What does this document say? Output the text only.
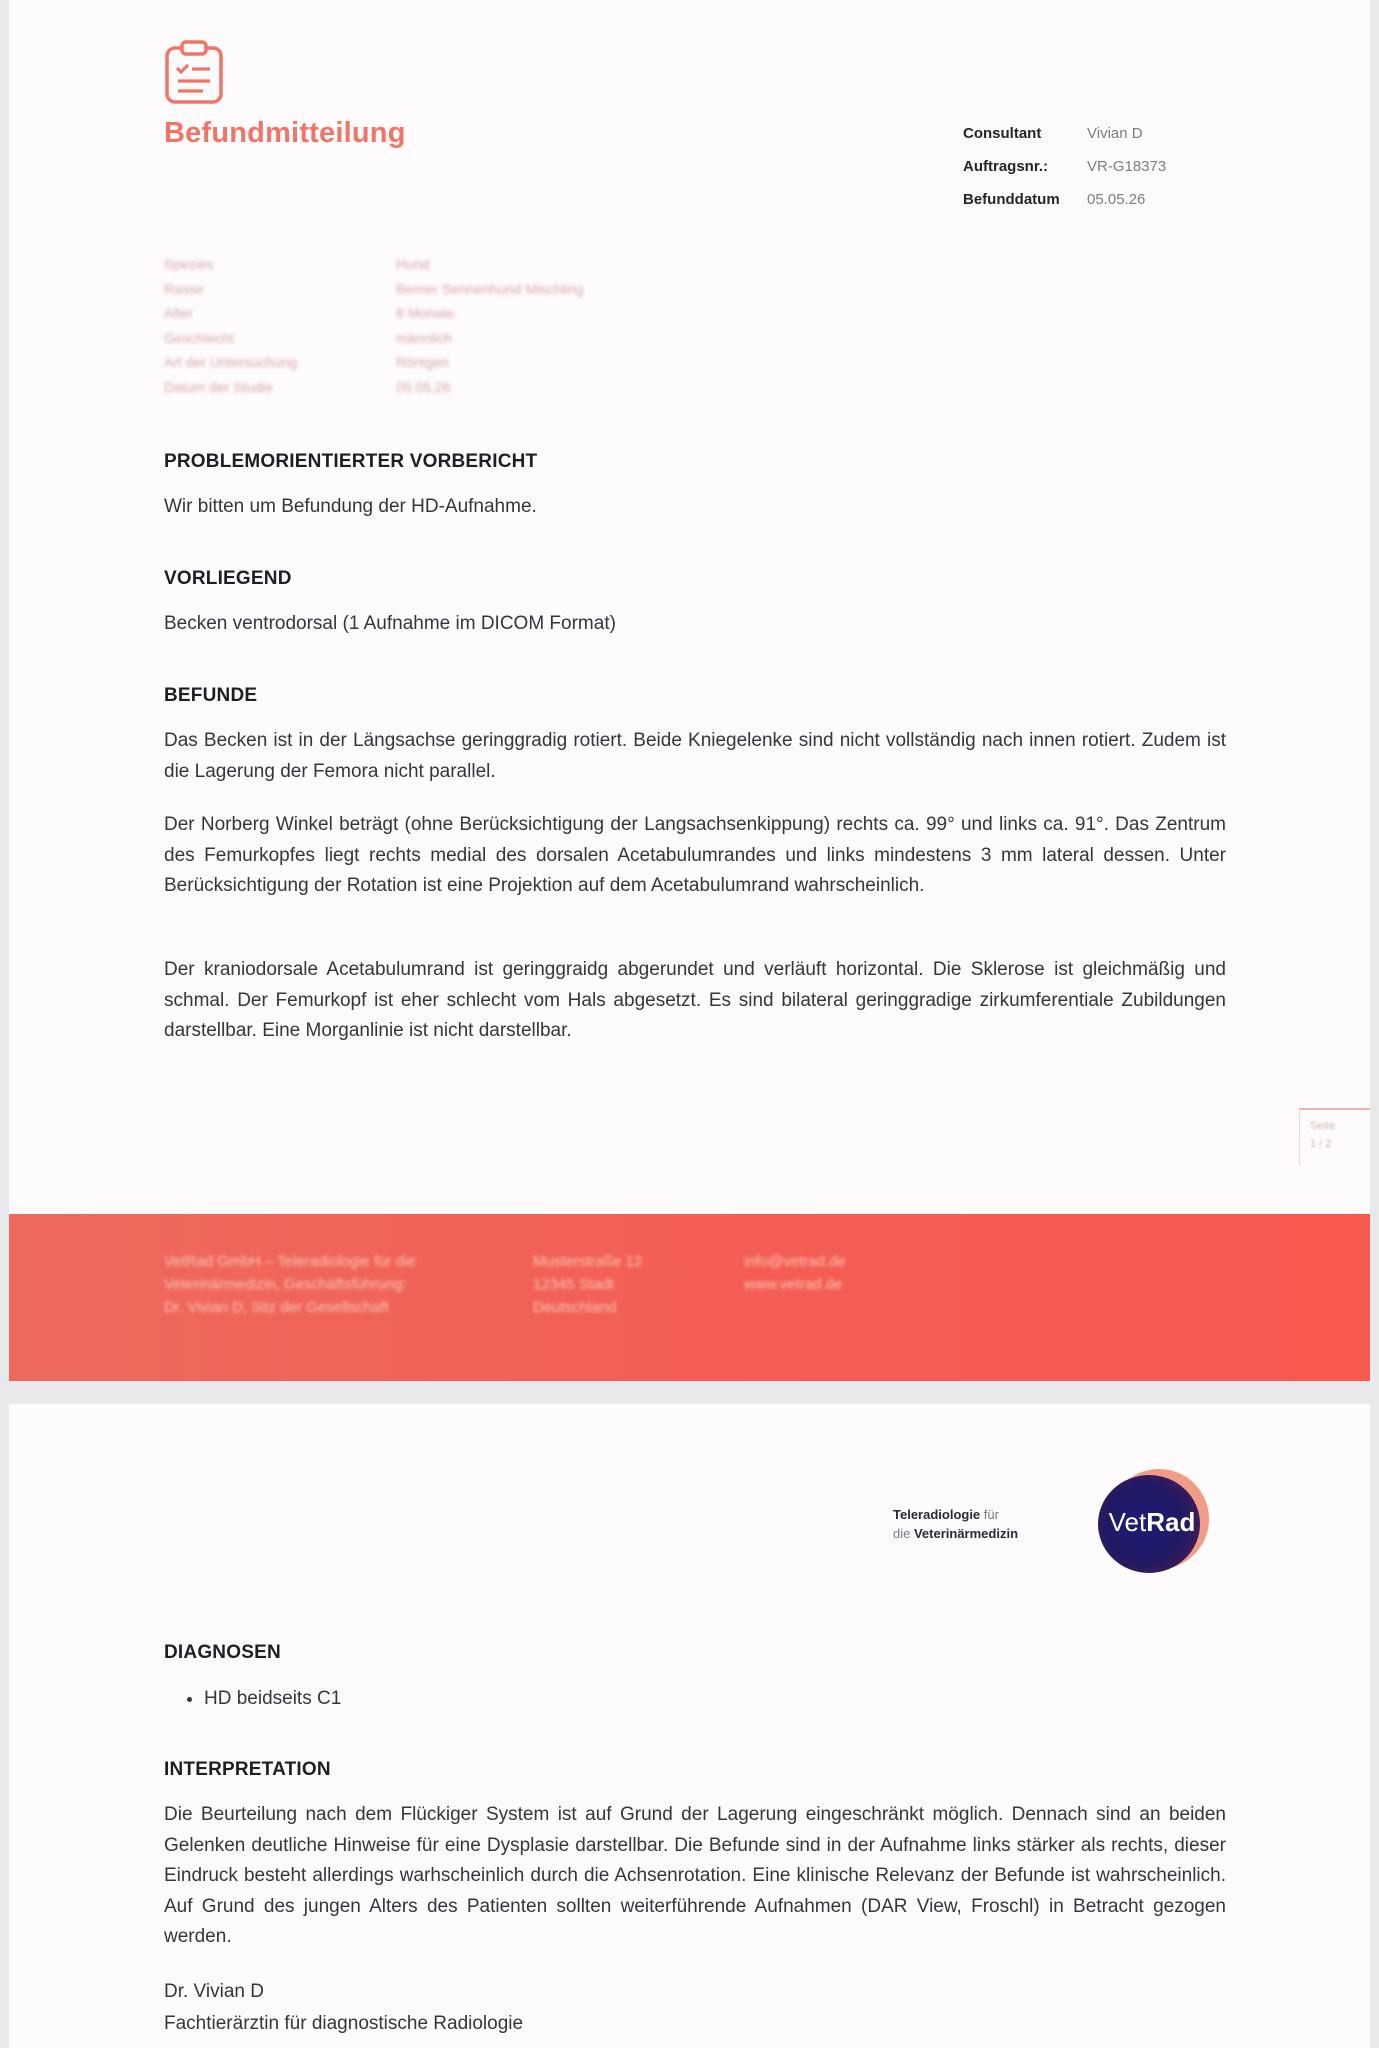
Befundmitteilung	Consultant	Vivian D
Auftragsnr.:	VR-G18373
Befunddatum	05.05.26
Spezies	Hund
Rasse	Berner Sennenhund Mischling
Alter	8 Monate
Geschlecht	männlich
Art der Untersuchung	Röntgen
Datum der Studie	05.05.26
PROBLEMORIENTIERTER VORBERICHT

Wir bitten um Befundung der HD-Aufnahme.

VORLIEGEND

Becken ventrodorsal (1 Aufnahme im DICOM Format)

BEFUNDE

Das Becken ist in der Längsachse geringgradig rotiert. Beide Kniegelenke sind nicht vollständig nach innen rotiert. Zudem ist die Lagerung der Femora nicht parallel.

Der Norberg Winkel beträgt (ohne Berücksichtigung der Langsachsenkippung) rechts ca. 99° und links ca. 91°. Das Zentrum des Femurkopfes liegt rechts medial des dorsalen Acetabulumrandes und links mindestens 3 mm lateral dessen. Unter Berücksichtigung der Rotation ist eine Projektion auf dem Acetabulumrand wahrscheinlich.

Der kraniodorsale Acetabulumrand ist geringgraidg abgerundet und verläuft horizontal. Die Sklerose ist gleichmäßig und schmal. Der Femurkopf ist eher schlecht vom Hals abgesetzt. Es sind bilateral geringgradige zirkumferentiale Zubildungen darstellbar. Eine Morganlinie ist nicht darstellbar.

Seite
1 / 2
VetRad GmbH – Teleradiologie für die
Veterinärmedizin, Geschäftsführung:
Dr. Vivian D, Sitz der Gesellschaft
Musterstraße 12
12345 Stadt
Deutschland
info@vetrad.de
www.vetrad.de
Teleradiologie für
die Veterinärmedizin	Vet Rad
DIAGNOSEN
• HD beidseits C1
INTERPRETATION

Die Beurteilung nach dem Flückiger System ist auf Grund der Lagerung eingeschränkt möglich. Dennach sind an beiden Gelenken deutliche Hinweise für eine Dysplasie darstellbar. Die Befunde sind in der Aufnahme links stärker als rechts, dieser Eindruck besteht allerdings warhscheinlich durch die Achsenrotation. Eine klinische Relevanz der Befunde ist wahrscheinlich. Auf Grund des jungen Alters des Patienten sollten weiterführende Aufnahmen (DAR View, Froschl) in Betracht gezogen werden.

Dr. Vivian D
Fachtierärztin für diagnostische Radiologie
